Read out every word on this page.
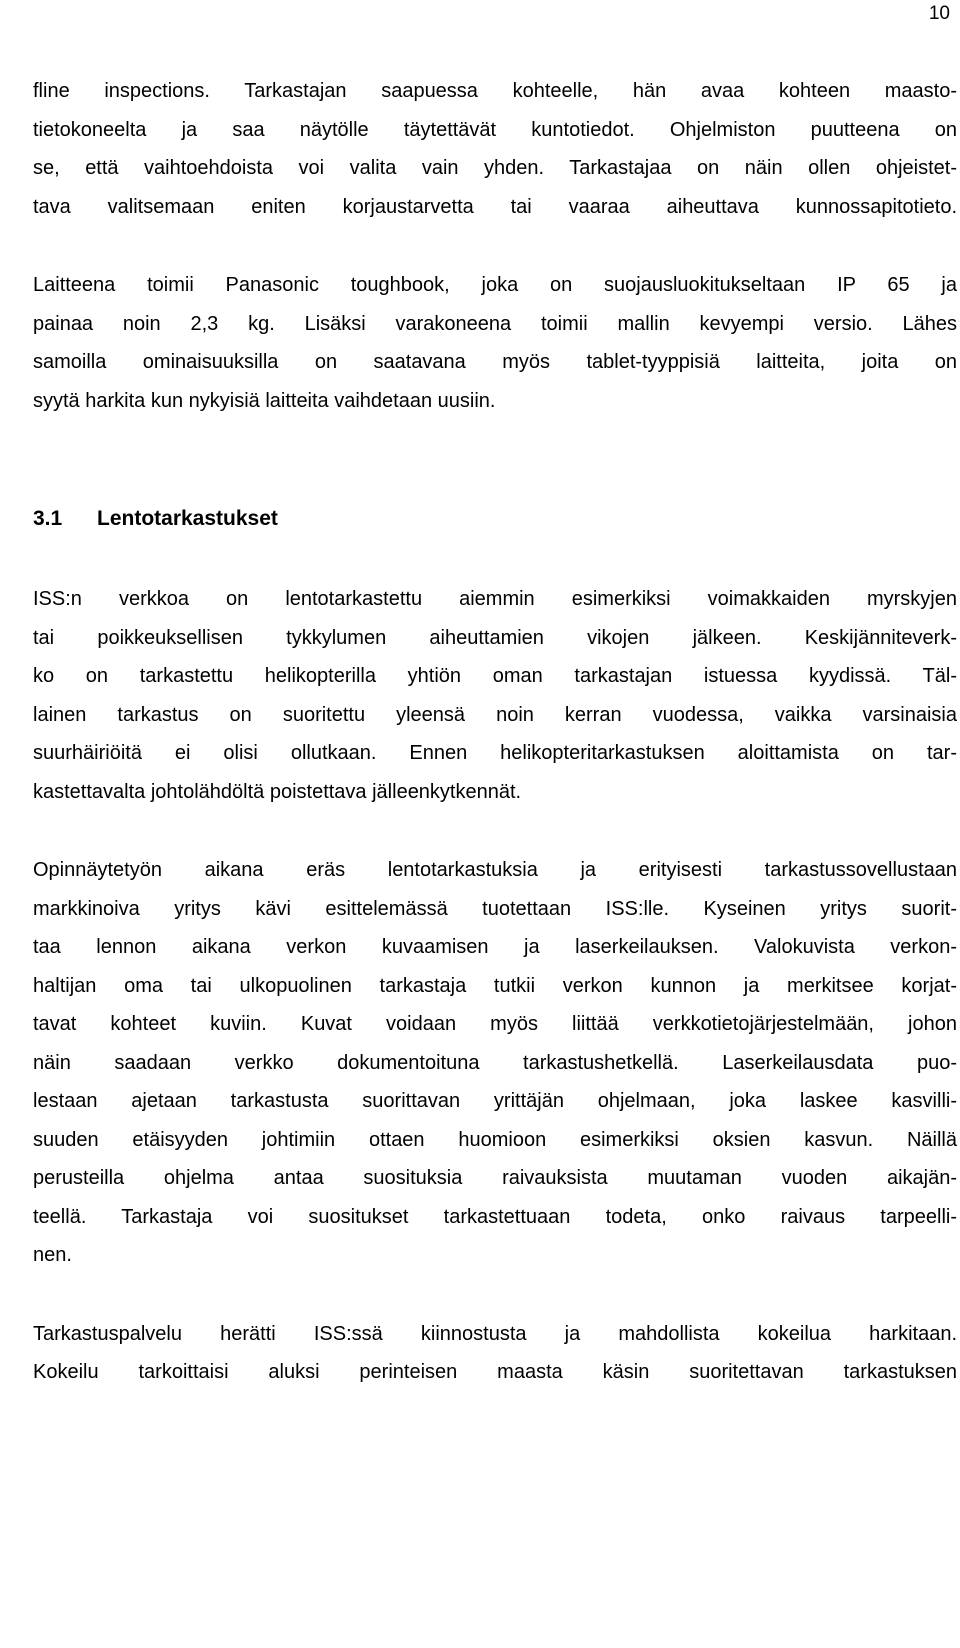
10
fline inspections. Tarkastajan saapuessa kohteelle, hän avaa kohteen maasto-
tietokoneelta ja saa näytölle täytettävät kuntotiedot. Ohjelmiston puutteena on
se, että vaihtoehdoista voi valita vain yhden. Tarkastajaa on näin ollen ohjeistet-
tava valitsemaan eniten korjaustarvetta tai vaaraa aiheuttava kunnossapitotieto.
Laitteena toimii Panasonic toughbook, joka on suojausluokitukseltaan IP 65 ja
painaa noin 2,3 kg. Lisäksi varakoneena toimii mallin kevyempi versio. Lähes
samoilla ominaisuuksilla on saatavana myös tablet-tyyppisiä laitteita, joita on
syytä harkita kun nykyisiä laitteita vaihdetaan uusiin.
3.1	Lentotarkastukset
ISS:n verkkoa on lentotarkastettu aiemmin esimerkiksi voimakkaiden myrskyjen
tai poikkeuksellisen tykkylumen aiheuttamien vikojen jälkeen. Keskijänniteverk-
ko on tarkastettu helikopterilla yhtiön oman tarkastajan istuessa kyydissä. Täl-
lainen tarkastus on suoritettu yleensä noin kerran vuodessa, vaikka varsinaisia
suurhäiriöitä ei olisi ollutkaan. Ennen helikopteritarkastuksen aloittamista on tar-
kastettavalta johtolähdöltä poistettava jälleenkytkennät.
Opinnäytetyön aikana eräs lentotarkastuksia ja erityisesti tarkastussovellustaan
markkinoiva yritys kävi esittelemässä tuotettaan ISS:lle. Kyseinen yritys suorit-
taa lennon aikana verkon kuvaamisen ja laserkeilauksen. Valokuvista verkon-
haltijan oma tai ulkopuolinen tarkastaja tutkii verkon kunnon ja merkitsee korjat-
tavat kohteet kuviin. Kuvat voidaan myös liittää verkkotietojärjestelmään, johon
näin saadaan verkko dokumentoituna tarkastushetkellä. Laserkeilausdata puo-
lestaan ajetaan tarkastusta suorittavan yrittäjän ohjelmaan, joka laskee kasvilli-
suuden etäisyyden johtimiin ottaen huomioon esimerkiksi oksien kasvun. Näillä
perusteilla ohjelma antaa suosituksia raivauksista muutaman vuoden aikajän-
teellä. Tarkastaja voi suositukset tarkastettuaan todeta, onko raivaus tarpeelli-
nen.
Tarkastuspalvelu herätti ISS:ssä kiinnostusta ja mahdollista kokeilua harkitaan.
Kokeilu tarkoittaisi aluksi perinteisen maasta käsin suoritettavan tarkastuksen
